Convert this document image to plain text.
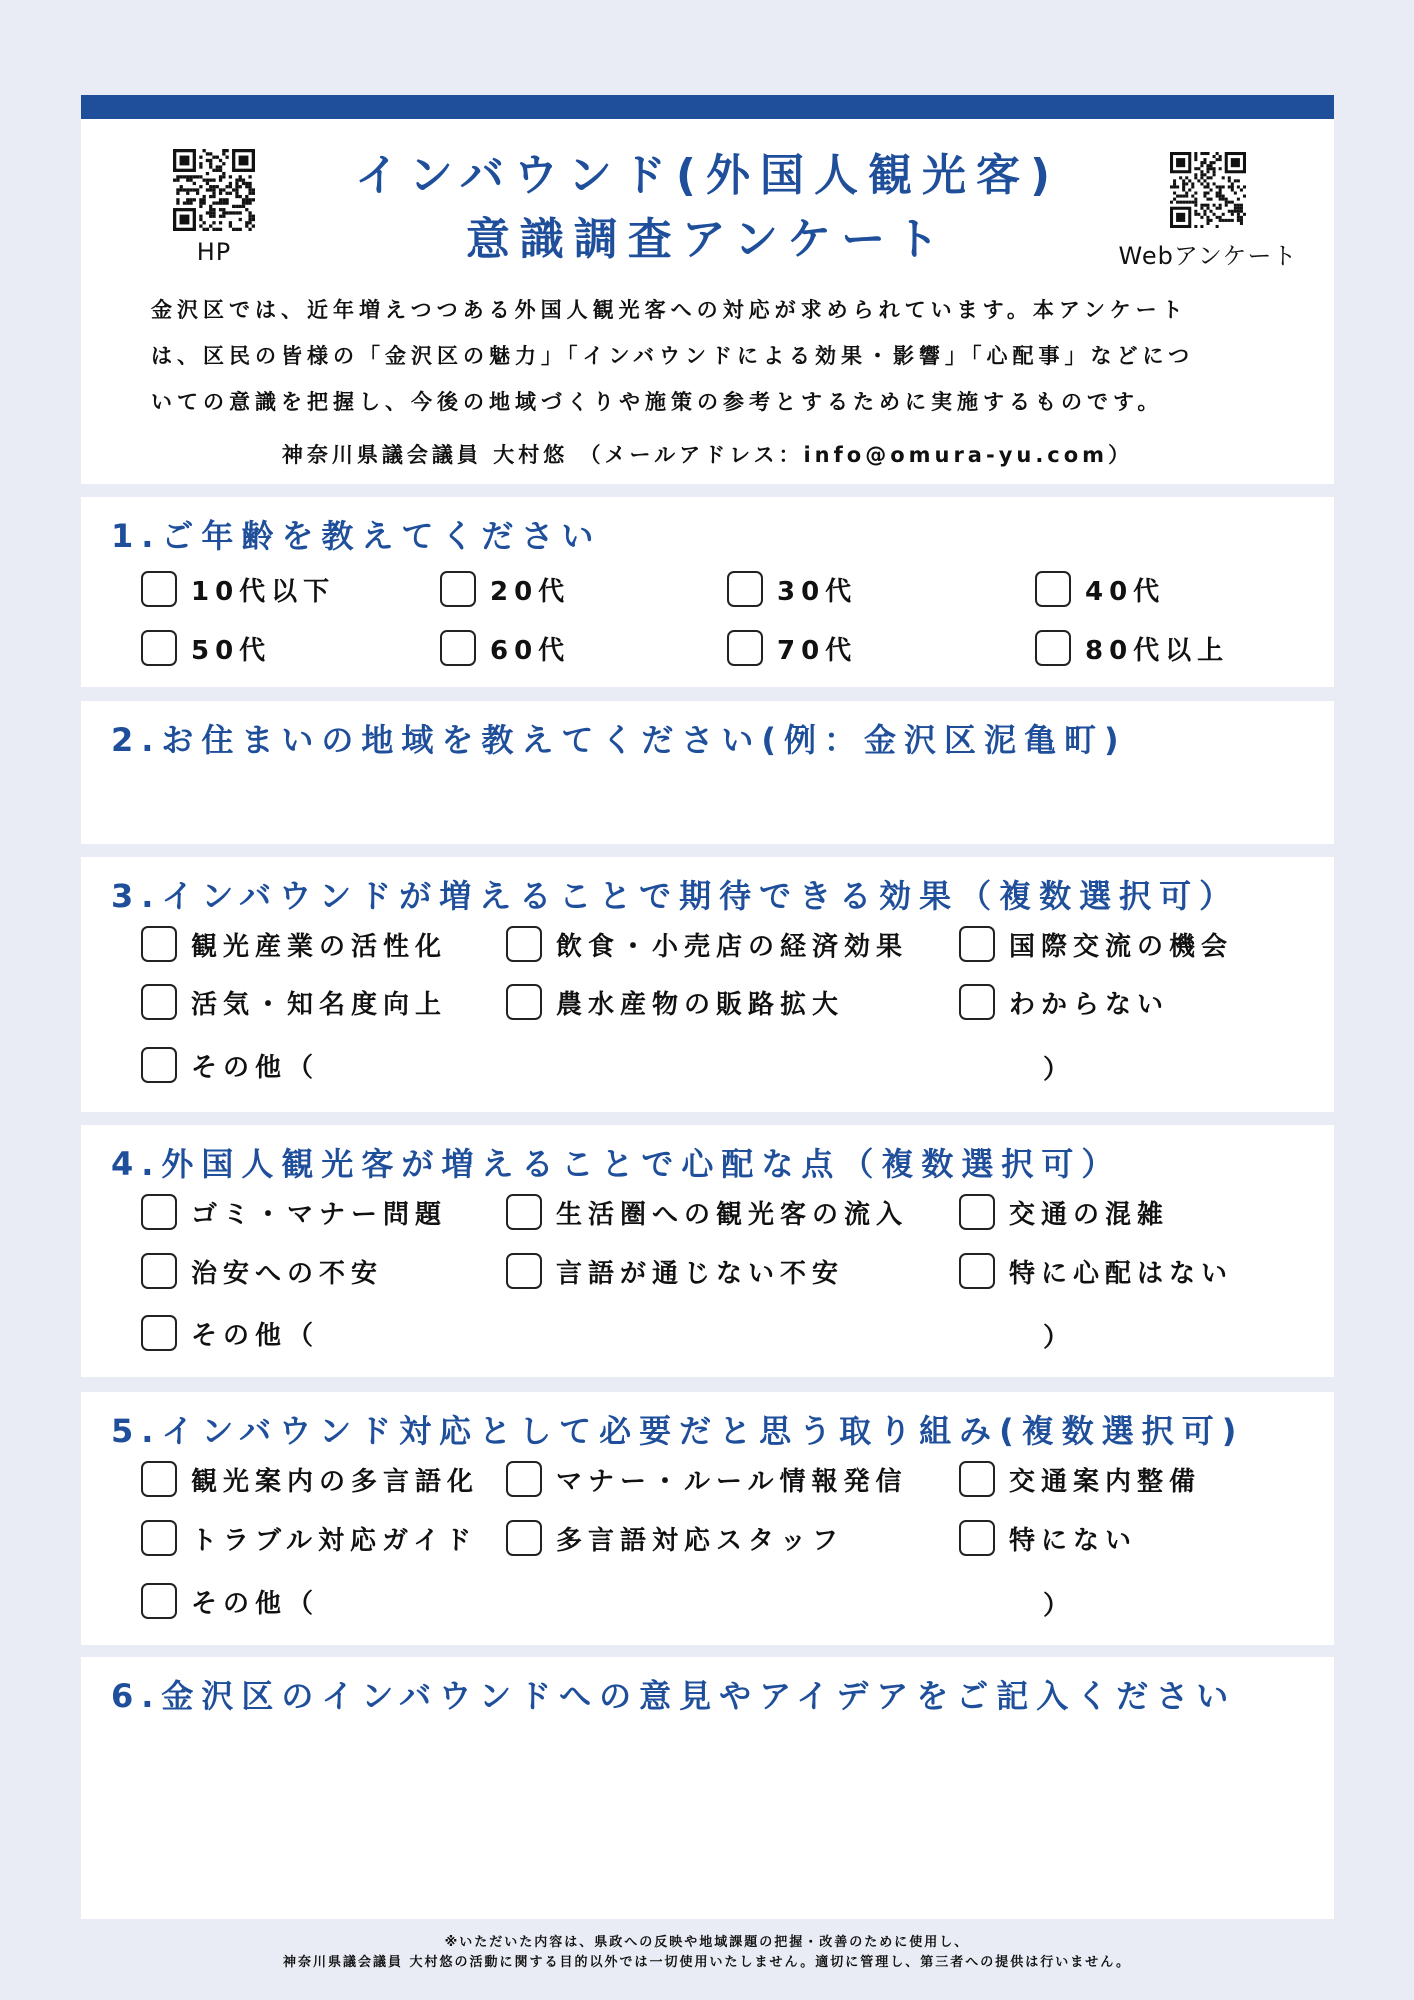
HP	Webアンケート
インバウンド(外国人観光客)
意識調査アンケート
金沢区では、近年増えつつある外国人観光客への対応が求められています。本アンケート
は、区民の皆様の「金沢区の魅力」「インバウンドによる効果・影響」「心配事」などにつ
いての意識を把握し、今後の地域づくりや施策の参考とするために実施するものです。
神奈川県議会議員 大村悠 （メールアドレス：info@omura-yu.com）
1.ご年齢を教えてください
10代以下	20代	30代	40代
50代	60代	70代	80代以上
2.お住まいの地域を教えてください(例：金沢区泥亀町)
3.インバウンドが増えることで期待できる効果（複数選択可）
観光産業の活性化	飲食・小売店の経済効果	国際交流の機会
活気・知名度向上	農水産物の販路拡大	わからない
その他（	）
4.外国人観光客が増えることで心配な点（複数選択可）
ゴミ・マナー問題	生活圏への観光客の流入	交通の混雑
治安への不安	言語が通じない不安	特に心配はない
その他（	）
5.インバウンド対応として必要だと思う取り組み(複数選択可)
観光案内の多言語化	マナー・ルール情報発信	交通案内整備
トラブル対応ガイド	多言語対応スタッフ	特にない
その他（	）
6.金沢区のインバウンドへの意見やアイデアをご記入ください
※いただいた内容は、県政への反映や地域課題の把握・改善のために使用し、
神奈川県議会議員 大村悠の活動に関する目的以外では一切使用いたしません。適切に管理し、第三者への提供は行いません。
